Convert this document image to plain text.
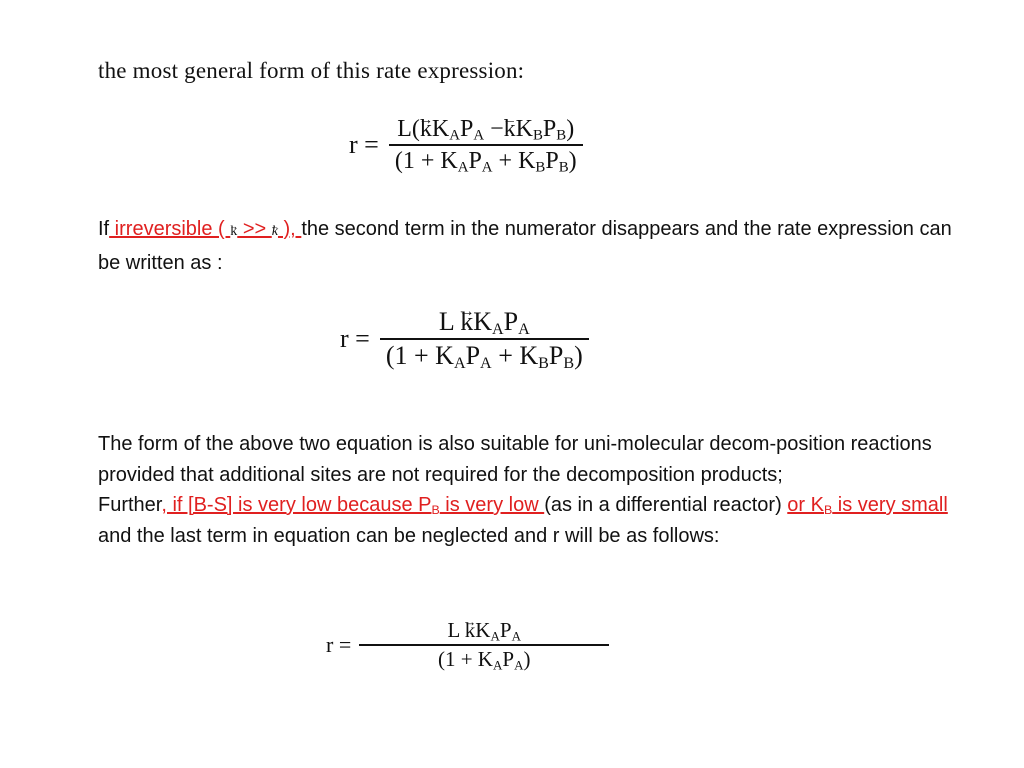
the most general form of this rate expression:
$r = \frac{L(\to kK_AP_A -\leftarrow kK_BP_B)}{(1 + K_AP_A + K_BP_B)}$
If irreversible ( → k >> ← k ), the second term in the numerator disappears and the rate expression can be written as :
$r = \frac{L \to kK_AP_A}{(1 + K_AP_A + K_BP_B)}$
The form of the above two equation is also suitable for uni-molecular decom-position reactions provided that additional sites are not required for the decomposition products;
Further, if [B-S] is very low because $P_B$ is very low (as in a differential reactor) or $K_B$ is very small and the last term in equation can be neglected and r will be as follows:
$r = \frac{L \to kK_AP_A}{(1 + K_AP_A)}$
